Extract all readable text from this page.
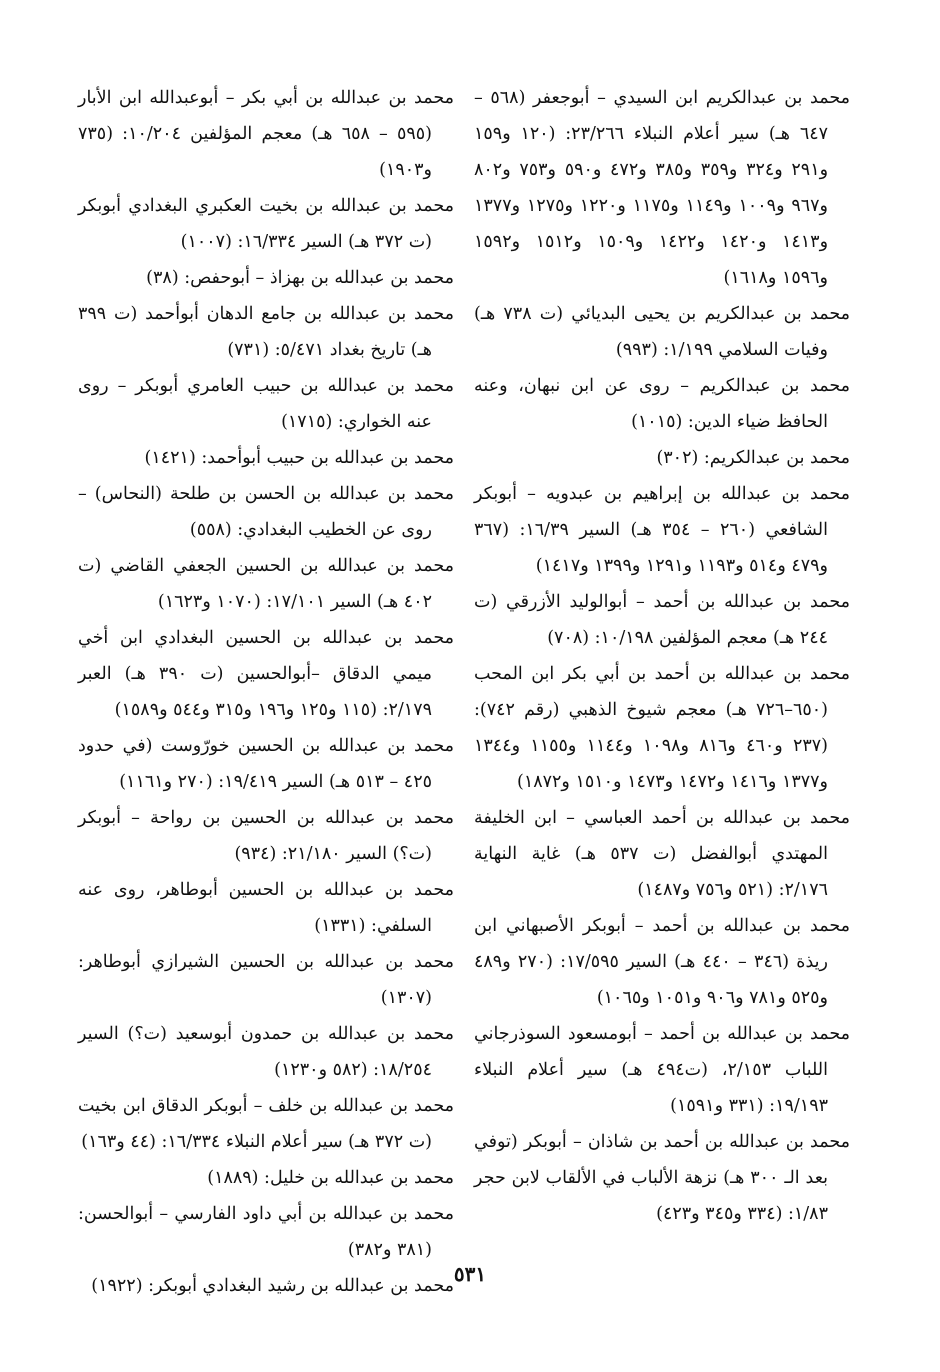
محمد بن عبدالكريم ابن السيدي – أبوجعفر (٥٦٨ – ٦٤٧ هـ) سير أعلام النبلاء ٢٣/٢٦٦: (١٢٠ و١٥٩ و٢٩١ و٣٢٤ و٣٥٩ و٣٨٥ و٤٧٢ و٥٩٠ و٧٥٣ و٨٠٢ و٩٦٧ و١٠٠٩ و١١٤٩ و١١٧٥ و١٢٢٠ و١٢٧٥ و١٣٧٧ و١٤١٣ و١٤٢٠ و١٤٢٢ و١٥٠٩ و١٥١٢ و١٥٩٢ و١٥٩٦ و١٦١٨)

محمد بن عبدالكريم بن يحيى البديائي (ت ٧٣٨ هـ) وفيات السلامي ١/١٩٩: (٩٩٣)

محمد بن عبدالكريم – روى عن ابن نبهان، وعنه الحافظ ضياء الدين: (١٠١٥)

محمد بن عبدالكريم: (٣٠٢)

محمد بن عبدالله بن إبراهيم بن عبدويه – أبوبكر الشافعي (٢٦٠ – ٣٥٤ هـ) السير ١٦/٣٩: (٣٦٧ و٤٧٩ و٥١٤ و١١٩٣ و١٢٩١ و١٣٩٩ و١٤١٧)

محمد بن عبدالله بن أحمد – أبوالوليد الأزرقي (ت ٢٤٤ هـ) معجم المؤلفين ١٠/١٩٨: (٧٠٨)

محمد بن عبدالله بن أحمد بن أبي بكر ابن المحب (٦٥٠–٧٢٦ هـ) معجم شيوخ الذهبي (رقم ٧٤٢): (٢٣٧ و٤٦٠ و٨١٦ و١٠٩٨ و١١٤٤ و١١٥٥ و١٣٤٤ و١٣٧٧ و١٤١٦ و١٤٧٢ و١٤٧٣ و١٥١٠ و١٨٧٢)

محمد بن عبدالله بن أحمد العباسي – ابن الخليفة المهتدي أبوالفضل (ت ٥٣٧ هـ) غاية النهاية ٢/١٧٦: (٥٢١ و٧٥٦ و١٤٨٧)

محمد بن عبدالله بن أحمد – أبوبكر الأصبهاني ابن ريذة (٣٤٦ – ٤٤٠ هـ) السير ١٧/٥٩٥: (٢٧٠ و٤٨٩ و٥٢٥ و٧٨١ و٩٠٦ و١٠٥١ و١٠٦٥)

محمد بن عبدالله بن أحمد – أبومسعود السوذرجاني اللباب ٢/١٥٣، (ت٤٩٤ هـ) سير أعلام النبلاء ١٩/١٩٣: (٣٣١ و١٥٩١)

محمد بن عبدالله بن أحمد بن شاذان – أبوبكر (توفي بعد الـ ٣٠٠ هـ) نزهة الألباب في الألقاب لابن حجر ١/٨٣: (٣٣٤ و٣٤٥ و٤٢٣)

محمد بن عبدالله بن أبي بكر – أبوعبدالله ابن الأبار (٥٩٥ – ٦٥٨ هـ) معجم المؤلفين ١٠/٢٠٤: (٧٣٥ و١٩٠٣)

محمد بن عبدالله بن بخيت العكبري البغدادي أبوبكر (ت ٣٧٢ هـ) السير ١٦/٣٣٤: (١٠٠٧)

محمد بن عبدالله بن بهزاذ – أبوحفص: (٣٨)

محمد بن عبدالله بن جامع الدهان أبوأحمد (ت ٣٩٩ هـ) تاريخ بغداد ٥/٤٧١: (٧٣١)

محمد بن عبدالله بن حبيب العامري أبوبكر – روى عنه الخواري: (١٧١٥)

محمد بن عبدالله بن حبيب أبوأحمد: (١٤٢١)

محمد بن عبدالله بن الحسن بن طلحة (النحاس) – روى عن الخطيب البغدادي: (٥٥٨)

محمد بن عبدالله بن الحسين الجعفي القاضي (ت ٤٠٢ هـ) السير ١٧/١٠١: (١٠٧٠ و١٦٢٣)

محمد بن عبدالله بن الحسين البغدادي ابن أخي ميمي الدقاق –أبوالحسين (ت ٣٩٠ هـ) العبر ٢/١٧٩: (١١٥ و١٢٥ و١٩٦ و٣١٥ و٥٤٤ و١٥٨٩)

محمد بن عبدالله بن الحسين خورّوست (في حدود ٤٢٥ – ٥١٣ هـ) السير ١٩/٤١٩: (٢٧٠ و١١٦١)

محمد بن عبدالله بن الحسين بن رواحة – أبوبكر (ت؟) السير ٢١/١٨٠: (٩٣٤)

محمد بن عبدالله بن الحسين أبوطاهر، روى عنه السلفي: (١٣٣١)

محمد بن عبدالله بن الحسين الشيرازي أبوطاهر: (١٣٠٧)

محمد بن عبدالله بن حمدون أبوسعيد (ت؟) السير ١٨/٢٥٤: (٥٨٢ و١٢٣٠)

محمد بن عبدالله بن خلف – أبوبكر الدقاق ابن بخيت (ت ٣٧٢ هـ) سير أعلام النبلاء ١٦/٣٣٤: (٤٤ و١٦٣)

محمد بن عبدالله بن خليل: (١٨٨٩)

محمد بن عبدالله بن أبي داود الفارسي – أبوالحسن: (٣٨١ و٣٨٢)

محمد بن عبدالله بن رشيد البغدادي أبوبكر: (١٩٢٢) ٥٣١
